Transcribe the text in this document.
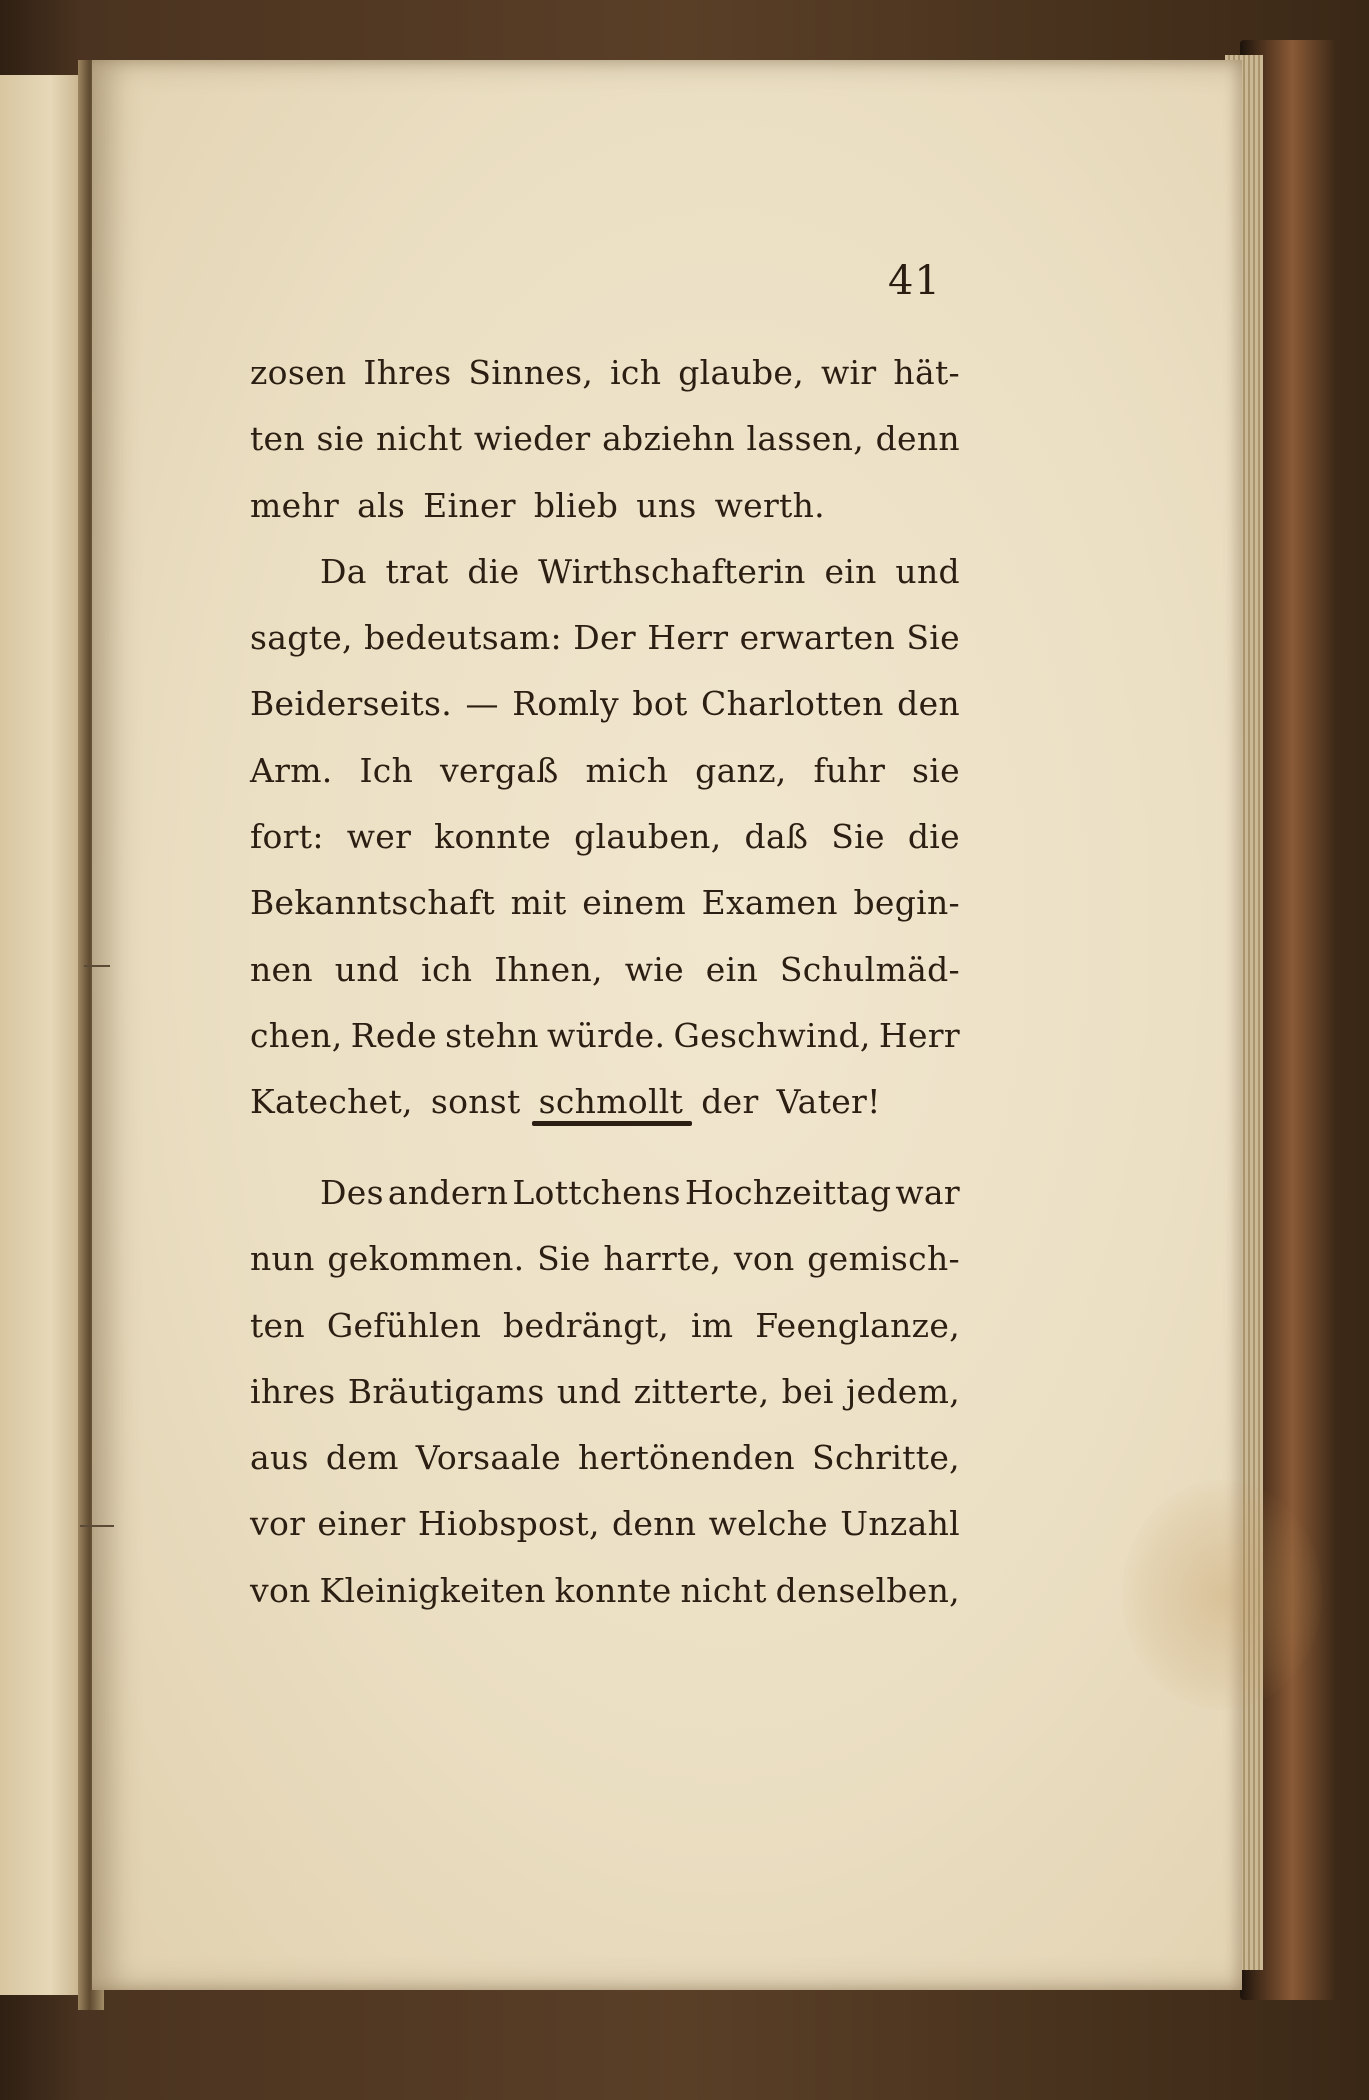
41
zosen Ihres Sinnes, ich glaube, wir hät-
ten sie nicht wieder abziehn lassen, denn
mehr als Einer blieb uns werth.
Da trat die Wirthschafterin ein und
sagte, bedeutsam: Der Herr erwarten Sie
Beiderseits. — Romly bot Charlotten den
Arm. Ich vergaß mich ganz, fuhr sie
fort: wer konnte glauben, daß Sie die
Bekanntschaft mit einem Examen begin-
nen und ich Ihnen, wie ein Schulmäd-
chen, Rede stehn würde. Geschwind, Herr
Katechet, sonst schmollt der Vater!
Des andern Lottchens Hochzeittag war
nun gekommen. Sie harrte, von gemisch-
ten Gefühlen bedrängt, im Feenglanze,
ihres Bräutigams und zitterte, bei jedem,
aus dem Vorsaale hertönenden Schritte,
vor einer Hiobspost, denn welche Unzahl
von Kleinigkeiten konnte nicht denselben,
